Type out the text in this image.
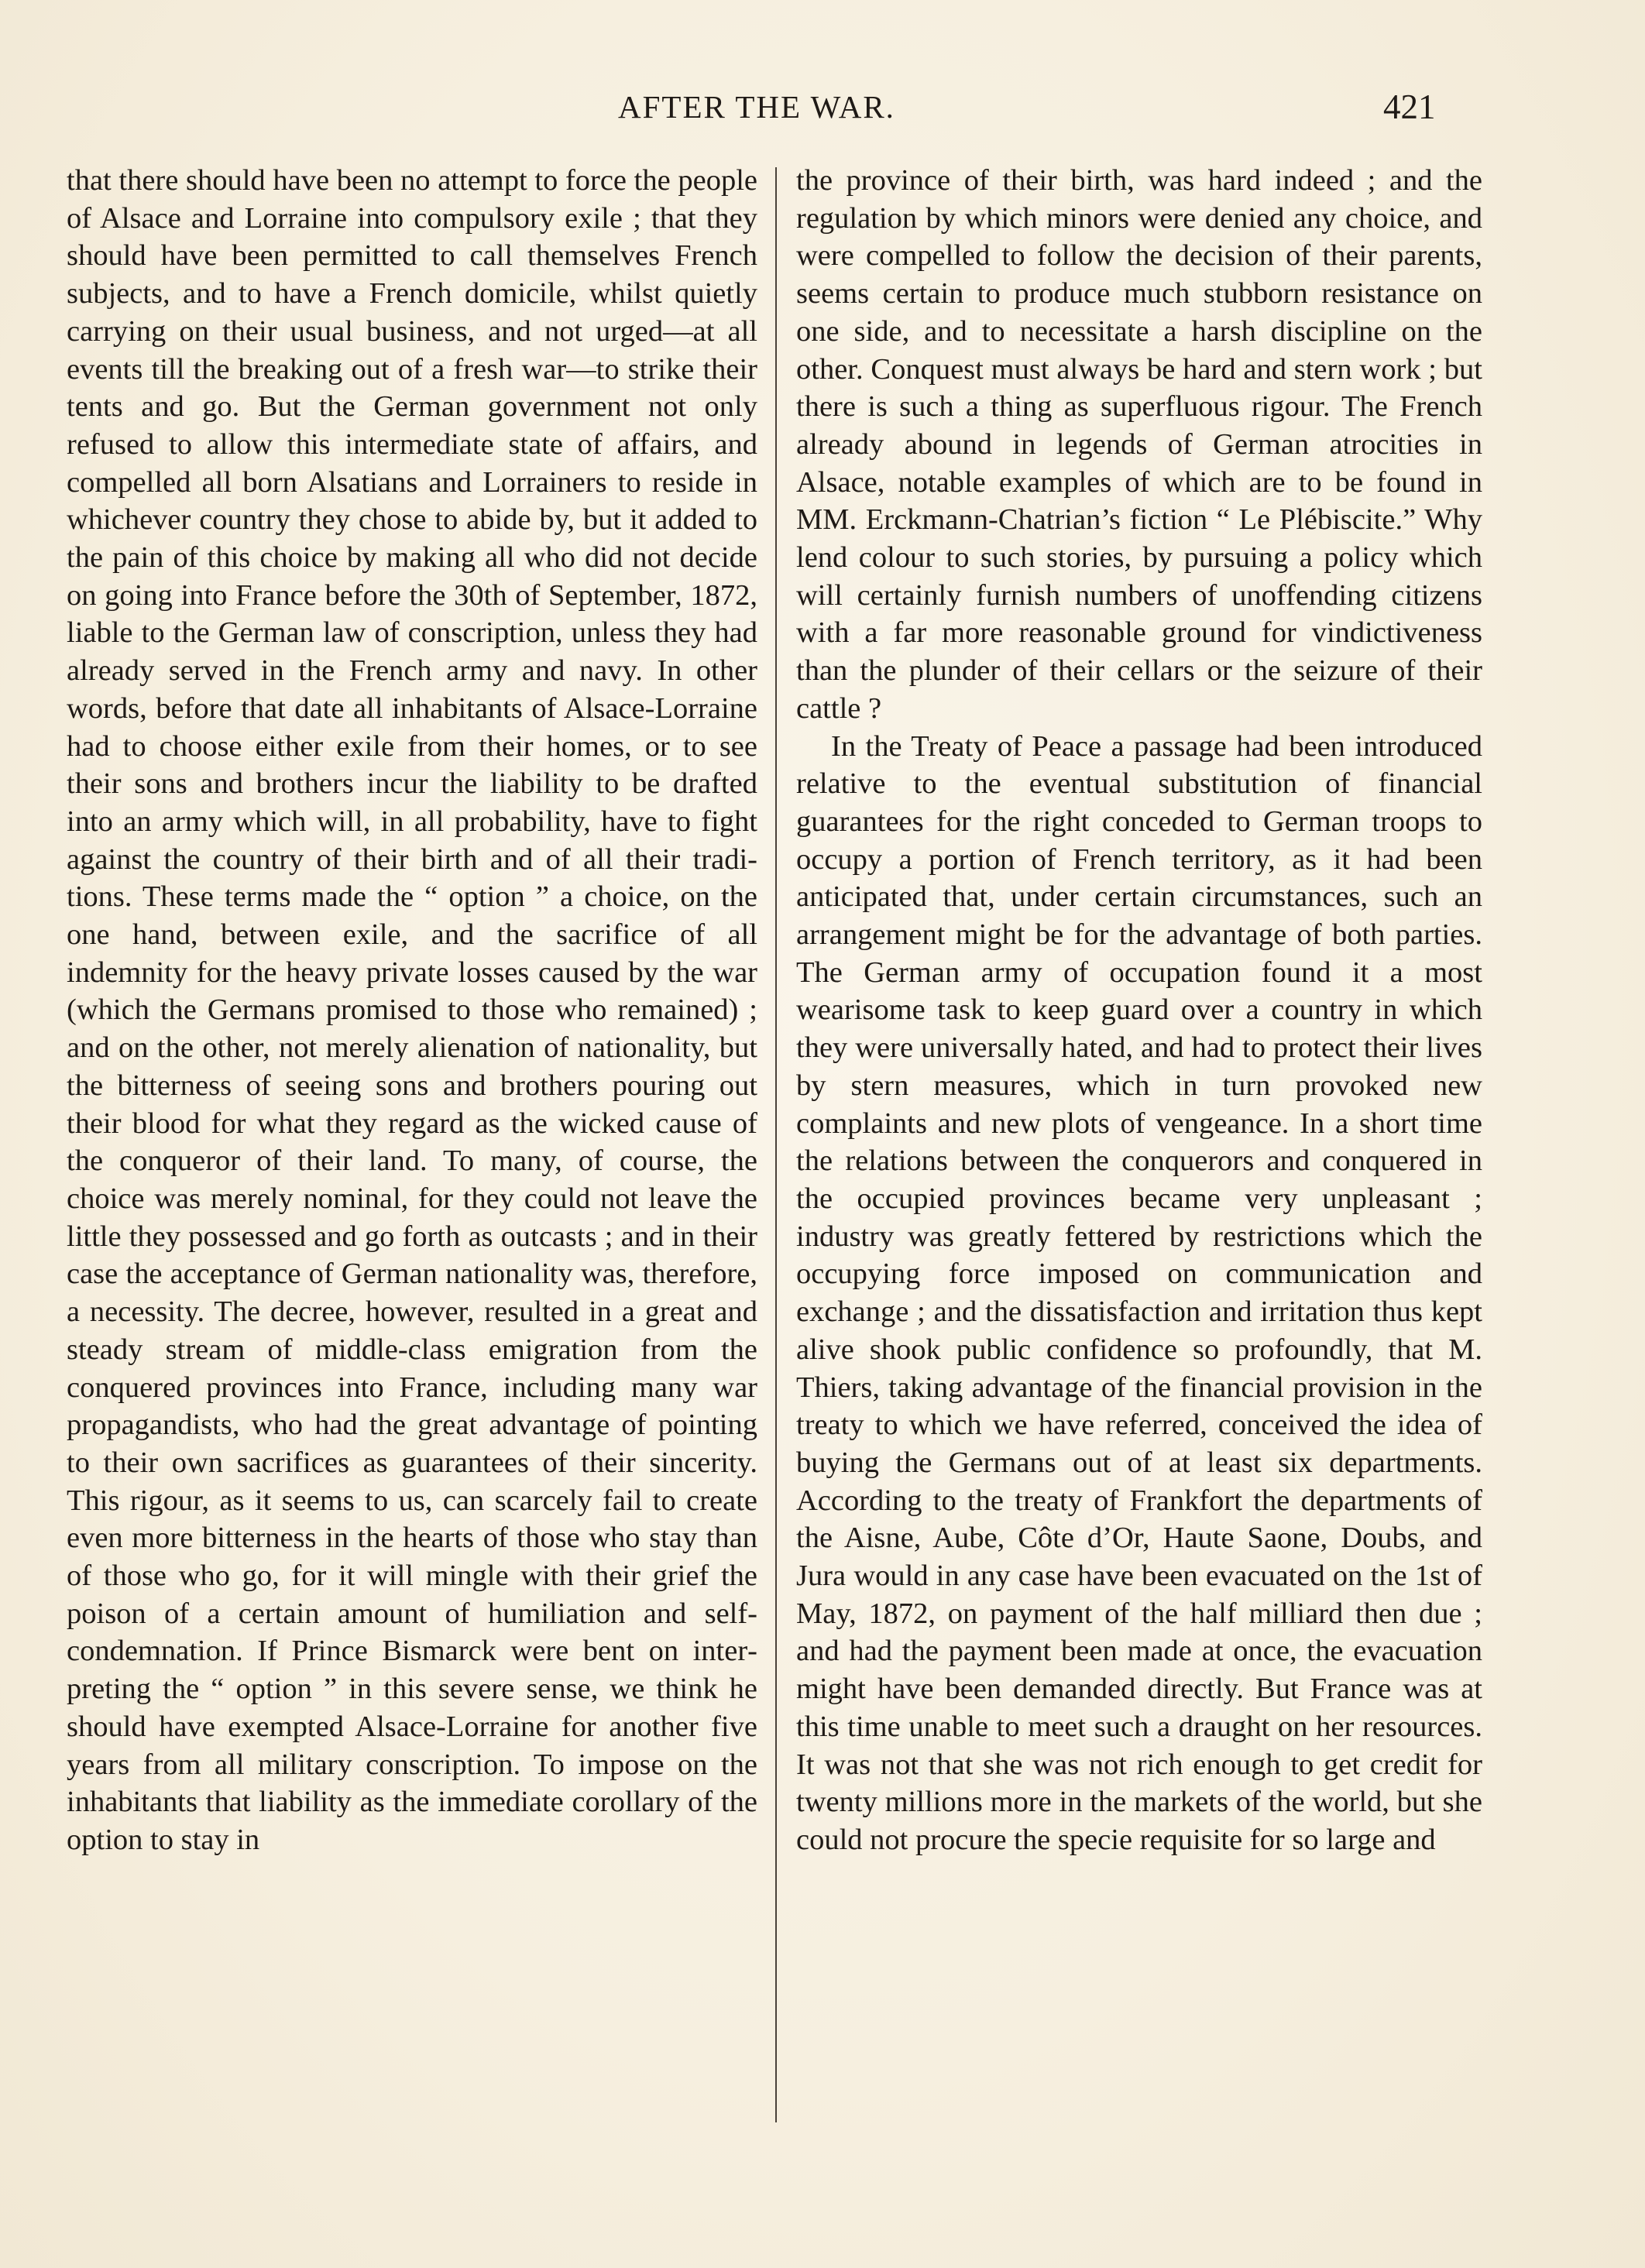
AFTER THE WAR.	421

that there should have been no attempt to force the people of Alsace and Lorraine into compulsory exile ; that they should have been permitted to call themselves French subjects, and to have a French domicile, whilst quietly carrying on their usual business, and not urged—at all events till the breaking out of a fresh war—to strike their tents and go. But the German government not only refused to allow this intermediate state of affairs, and compelled all born Alsatians and Lorrainers to reside in whichever country they chose to abide by, but it added to the pain of this choice by making all who did not decide on going into France before the 30th of September, 1872, liable to the German law of conscription, unless they had already served in the French army and navy. In other words, before that date all inhabitants of Alsace-Lorraine had to choose either exile from their homes, or to see their sons and brothers incur the liability to be drafted into an army which will, in all probability, have to fight against the country of their birth and of all their traditions. These terms made the “ option ” a choice, on the one hand, between exile, and the sacrifice of all indemnity for the heavy private losses caused by the war (which the Germans promised to those who remained) ; and on the other, not merely alienation of nationality, but the bitterness of seeing sons and brothers pouring out their blood for what they regard as the wicked cause of the conqueror of their land. To many, of course, the choice was merely nominal, for they could not leave the little they possessed and go forth as outcasts ; and in their case the acceptance of German nationality was, therefore, a necessity. The decree, however, resulted in a great and steady stream of middle-class emigration from the conquered provinces into France, including many war propagandists, who had the great advantage of pointing to their own sacrifices as guarantees of their sincerity. This rigour, as it seems to us, can scarcely fail to create even more bitterness in the hearts of those who stay than of those who go, for it will mingle with their grief the poison of a certain amount of humiliation and self-condemnation. If Prince Bismarck were bent on interpreting the “ option ” in this severe sense, we think he should have exempted Alsace-Lorraine for another five years from all military conscription. To impose on the inhabitants that liability as the immediate corollary of the option to stay in

the province of their birth, was hard indeed ; and the regulation by which minors were denied any choice, and were compelled to follow the decision of their parents, seems certain to produce much stubborn resistance on one side, and to necessitate a harsh discipline on the other. Conquest must always be hard and stern work ; but there is such a thing as superfluous rigour. The French already abound in legends of German atrocities in Alsace, notable examples of which are to be found in MM. Erckmann-Chatrian’s fiction “ Le Plébiscite.” Why lend colour to such stories, by pursuing a policy which will certainly furnish numbers of unoffending citizens with a far more reasonable ground for vindictiveness than the plunder of their cellars or the seizure of their cattle ?

In the Treaty of Peace a passage had been introduced relative to the eventual substitution of financial guarantees for the right conceded to German troops to occupy a portion of French territory, as it had been anticipated that, under certain circumstances, such an arrangement might be for the advantage of both parties. The German army of occupation found it a most wearisome task to keep guard over a country in which they were universally hated, and had to protect their lives by stern measures, which in turn provoked new complaints and new plots of vengeance. In a short time the relations between the conquerors and conquered in the occupied provinces became very unpleasant ; industry was greatly fettered by restrictions which the occupying force imposed on communication and exchange ; and the dissatisfaction and irritation thus kept alive shook public confidence so profoundly, that M. Thiers, taking advantage of the financial provision in the treaty to which we have referred, conceived the idea of buying the Germans out of at least six departments. According to the treaty of Frankfort the departments of the Aisne, Aube, Côte d’Or, Haute Saone, Doubs, and Jura would in any case have been evacuated on the 1st of May, 1872, on payment of the half milliard then due ; and had the payment been made at once, the evacuation might have been demanded directly. But France was at this time unable to meet such a draught on her resources. It was not that she was not rich enough to get credit for twenty millions more in the markets of the world, but she could not procure the specie requisite for so large and
